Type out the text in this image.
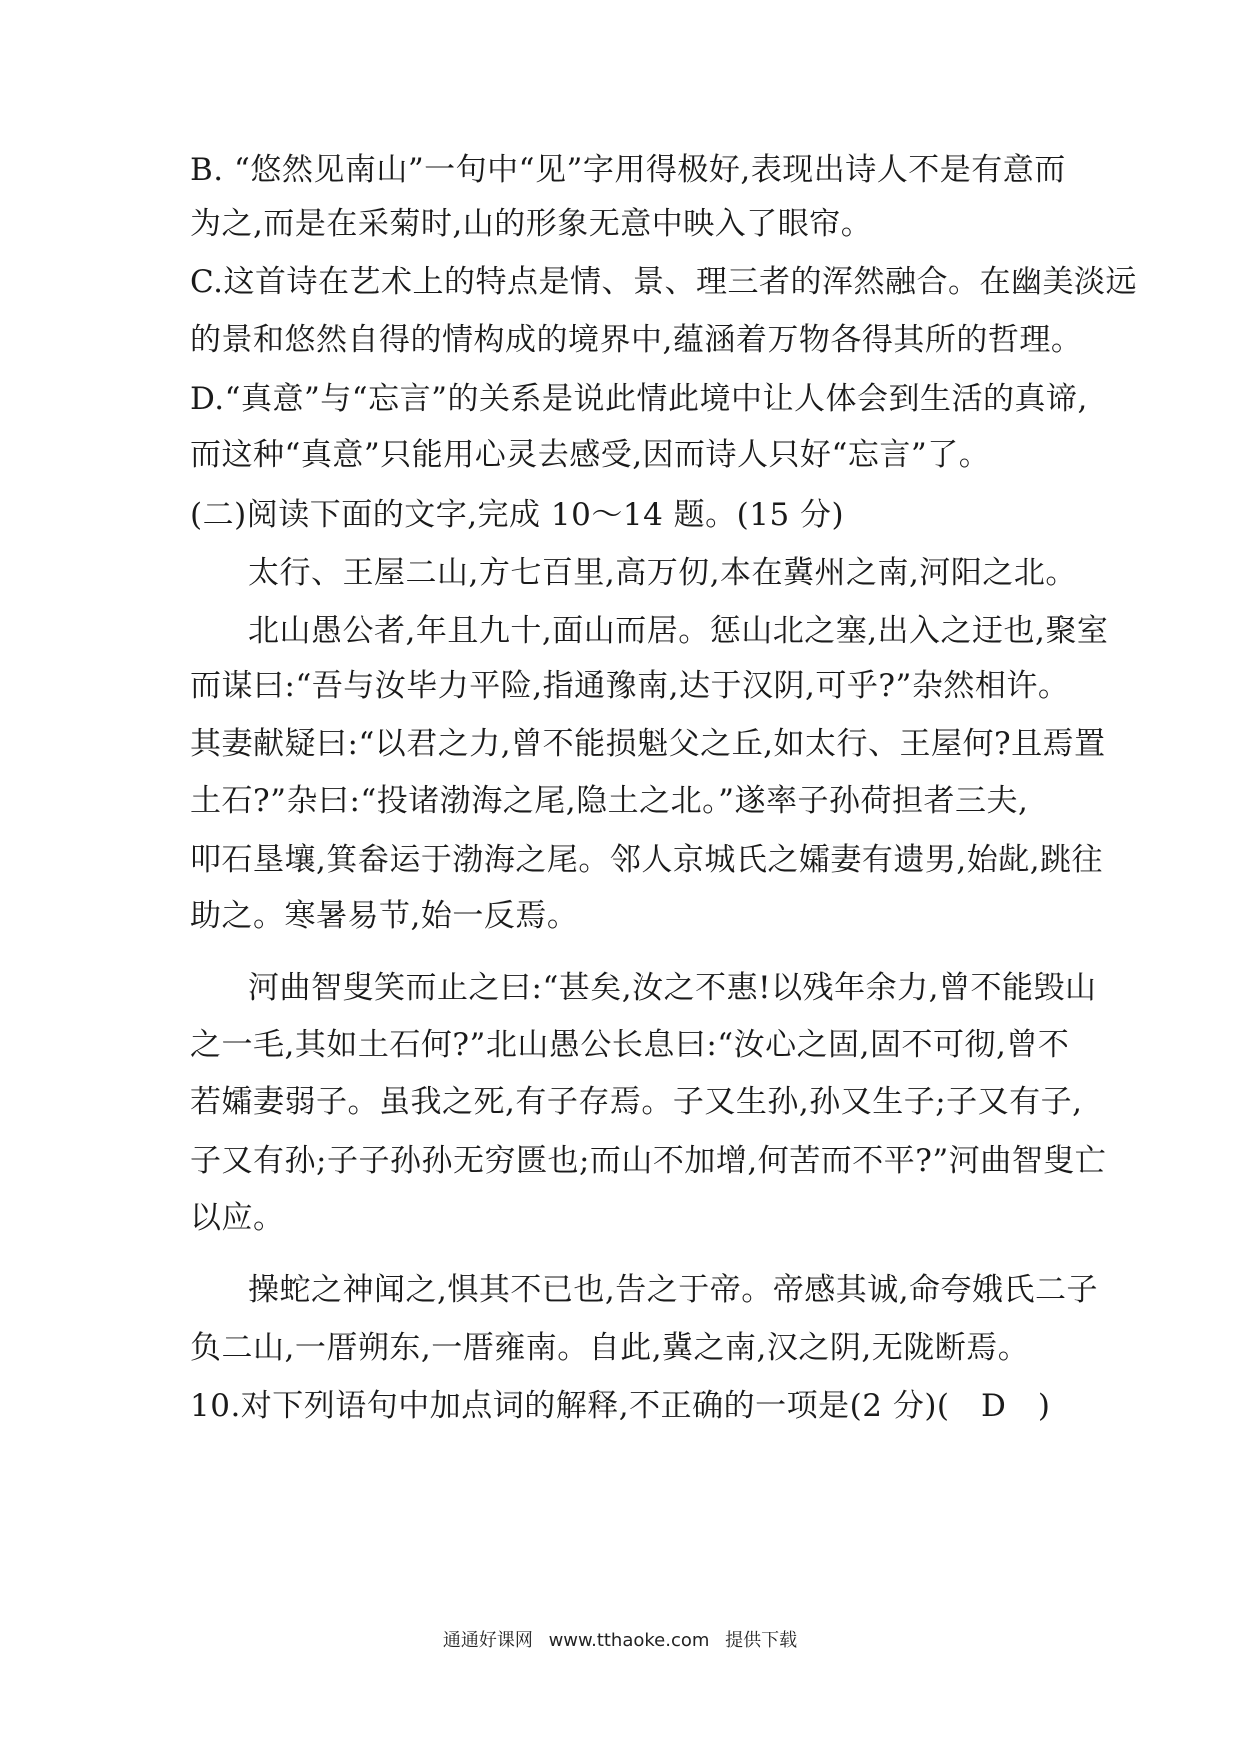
B. “悠然见南山”一句中“见”字用得极好,表现出诗人不是有意而
为之,而是在采菊时,山的形象无意中映入了眼帘。
C.这首诗在艺术上的特点是情、景、理三者的浑然融合。在幽美淡远
的景和悠然自得的情构成的境界中,蕴涵着万物各得其所的哲理。
D.“真意”与“忘言”的关系是说此情此境中让人体会到生活的真谛,
而这种“真意”只能用心灵去感受,因而诗人只好“忘言”了。
(二)阅读下面的文字,完成 10～14 题。(15 分)
太行、王屋二山,方七百里,高万仞,本在冀州之南,河阳之北。
北山愚公者,年且九十,面山而居。惩山北之塞,出入之迂也,聚室
而谋曰:“吾与汝毕力平险,指通豫南,达于汉阴,可乎?”杂然相许。
其妻献疑曰:“以君之力,曾不能损魁父之丘,如太行、王屋何?且焉置
土石?”杂曰:“投诸渤海之尾,隐土之北。”遂率子孙荷担者三夫,
叩石垦壤,箕畚运于渤海之尾。邻人京城氏之孀妻有遗男,始龀,跳往
助之。寒暑易节,始一反焉。
河曲智叟笑而止之曰:“甚矣,汝之不惠!以残年余力,曾不能毁山
之一毛,其如土石何?”北山愚公长息曰:“汝心之固,固不可彻,曾不
若孀妻弱子。虽我之死,有子存焉。子又生孙,孙又生子;子又有子,
子又有孙;子子孙孙无穷匮也;而山不加增,何苦而不平?”河曲智叟亡
以应。
操蛇之神闻之,惧其不已也,告之于帝。帝感其诚,命夸娥氏二子
负二山,一厝朔东,一厝雍南。自此,冀之南,汉之阴,无陇断焉。
10.对下列语句中加点词的解释,不正确的一项是(2 分)(　D　)
通通好课网 www.tthaoke.com 提供下载
